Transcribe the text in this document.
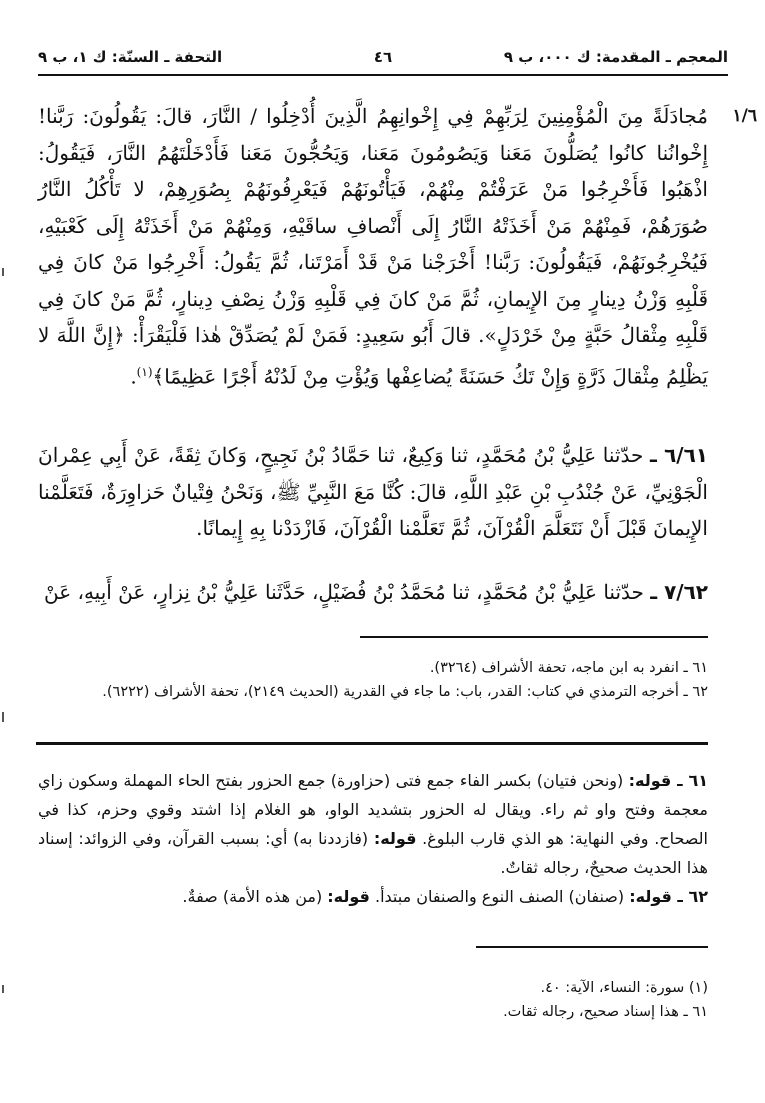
المعجم ـ المقدمة: ك ٠٠٠، ب ٩
٤٦
التحفة ـ السنّة: ك ١، ب ٩
١/٦
مُجادَلَةً مِنَ الْمُؤْمِنِينَ لِرَبِّهِمْ فِي إِخْوانِهِمُ الَّذِينَ أُدْخِلُوا / النَّارَ، قالَ: يَقُولُونَ: رَبَّنا! إِخْوانُنا كانُوا يُصَلُّونَ مَعَنا وَيَصُومُونَ مَعَنا، وَيَحُجُّونَ مَعَنا فَأَدْخَلْتَهُمُ النَّارَ، فَيَقُولُ: اذْهَبُوا فَأَخْرِجُوا مَنْ عَرَفْتُمْ مِنْهُمْ، فَيَأْتُونَهُمْ فَيَعْرِفُونَهُمْ بِصُوَرِهِمْ، لا تَأْكُلُ النَّارُ صُوَرَهُمْ، فَمِنْهُمْ مَنْ أَخَذَتْهُ النَّارُ إِلَى أَنْصافِ ساقَيْهِ، وَمِنْهُمْ مَنْ أَخَذَتْهُ إِلَى كَعْبَيْهِ، فَيُخْرِجُونَهُمْ، فَيَقُولُونَ: رَبَّنا! أَخْرَجْنا مَنْ قَدْ أَمَرْتَنا، ثُمَّ يَقُولُ: أَخْرِجُوا مَنْ كانَ فِي قَلْبِهِ وَزْنُ دِينارٍ مِنَ الإِيمانِ، ثُمَّ مَنْ كانَ فِي قَلْبِهِ وَزْنُ نِصْفِ دِينارٍ، ثُمَّ مَنْ كانَ فِي قَلْبِهِ مِثْقالُ حَبَّةٍ مِنْ خَرْدَلٍ». قالَ أَبُو سَعِيدٍ: فَمَنْ لَمْ يُصَدِّقْ هٰذا فَلْيَقْرَأْ: ﴿إِنَّ اللَّهَ لا يَظْلِمُ مِثْقالَ ذَرَّةٍ وَإِنْ تَكُ حَسَنَةً يُضاعِفْها وَيُؤْتِ مِنْ لَدُنْهُ أَجْرًا عَظِيمًا﴾$^{(١)}$.
٦/٦١ ـ حدّثنا عَلِيُّ بْنُ مُحَمَّدٍ، ثنا وَكِيعٌ، ثنا حَمَّادُ بْنُ نَجِيحٍ، وَكانَ ثِقَةً، عَنْ أَبِي عِمْرانَ الْجَوْنِيِّ، عَنْ جُنْدُبِ بْنِ عَبْدِ اللَّهِ، قالَ: كُنَّا مَعَ النَّبِيِّ ﷺ، وَنَحْنُ فِتْيانٌ حَزاوِرَةٌ، فَتَعَلَّمْنا الإِيمانَ قَبْلَ أَنْ نَتَعَلَّمَ الْقُرْآنَ، ثُمَّ تَعَلَّمْنا الْقُرْآنَ، فَازْدَدْنا بِهِ إِيمانًا.
٧/٦٢ ـ حدّثنا عَلِيُّ بْنُ مُحَمَّدٍ، ثنا مُحَمَّدُ بْنُ فُضَيْلٍ، حَدَّثَنا عَلِيُّ بْنُ نِزارٍ، عَنْ أَبِيهِ، عَنْ

٦١ ـ انفرد به ابن ماجه، تحفة الأشراف (٣٢٦٤).

٦٢ ـ أخرجه الترمذي في كتاب: القدر، باب: ما جاء في القدرية (الحديث ٢١٤٩)، تحفة الأشراف (٦٢٢٢).

٦١ ـ قوله: (ونحن فتيان) بكسر الفاء جمع فتى (حزاورة) جمع الحزور بفتح الحاء المهملة وسكون زاي معجمة وفتح واو ثم راء. ويقال له الحزور بتشديد الواو، هو الغلام إذا اشتد وقوي وحزم، كذا في الصحاح. وفي النهاية: هو الذي قارب البلوغ. قوله: (فازددنا به) أي: بسبب القرآن، وفي الزوائد: إسناد هذا الحديث صحيحٌ، رجاله ثقاتٌ.

٦٢ ـ قوله: (صنفان) الصنف النوع والصنفان مبتدأ. قوله: (من هذه الأمة) صفةٌ.

(١) سورة: النساء، الآية: ٤٠.

٦١ ـ هذا إسناد صحيح، رجاله ثقات.
